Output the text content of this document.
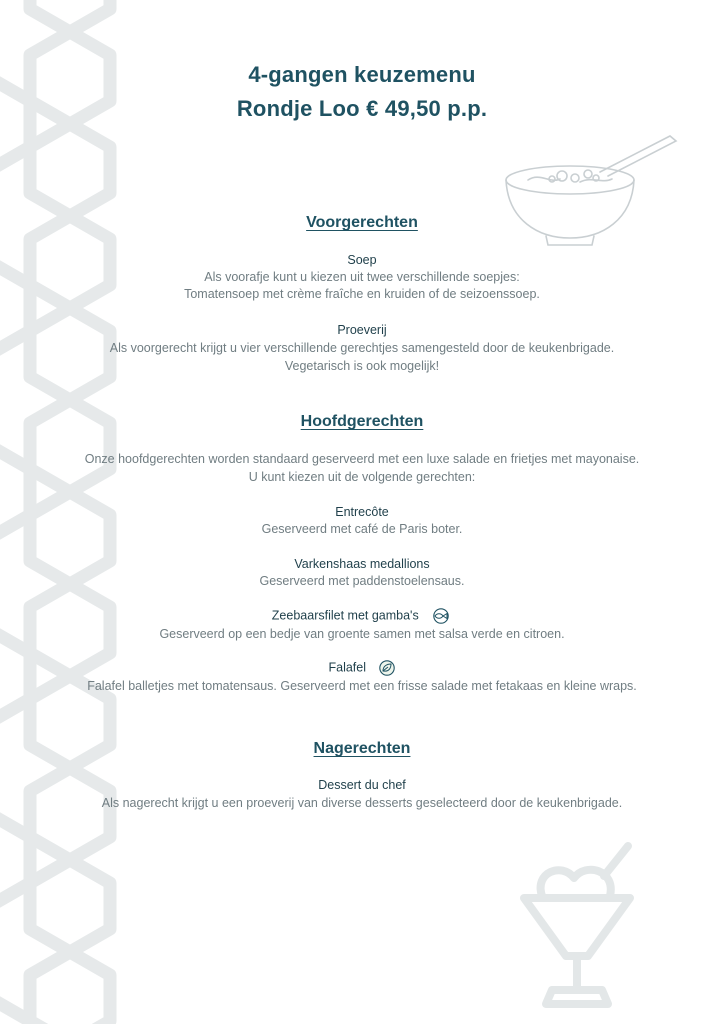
4-gangen keuzemenu
Rondje Loo € 49,50 p.p.
Voorgerechten
Soep
Als voorafje kunt u kiezen uit twee verschillende soepjes:
Tomatensoep met crème fraîche en kruiden of de seizoenssoep.
Proeverij
Als voorgerecht krijgt u vier verschillende gerechtjes samengesteld door de keukenbrigade.
Vegetarisch is ook mogelijk!
Hoofdgerechten
Onze hoofdgerechten worden standaard geserveerd met een luxe salade en frietjes met mayonaise.
U kunt kiezen uit de volgende gerechten:
Entrecôte
Geserveerd met café de Paris boter.
Varkenshaas medallions
Geserveerd met paddenstoelensaus.
Zeebaarsfilet met gamba's
Geserveerd op een bedje van groente samen met salsa verde en citroen.
Falafel
Falafel balletjes met tomatensaus. Geserveerd met een frisse salade met fetakaas en kleine wraps.
Nagerechten
Dessert du chef
Als nagerecht krijgt u een proeverij van diverse desserts geselecteerd door de keukenbrigade.
